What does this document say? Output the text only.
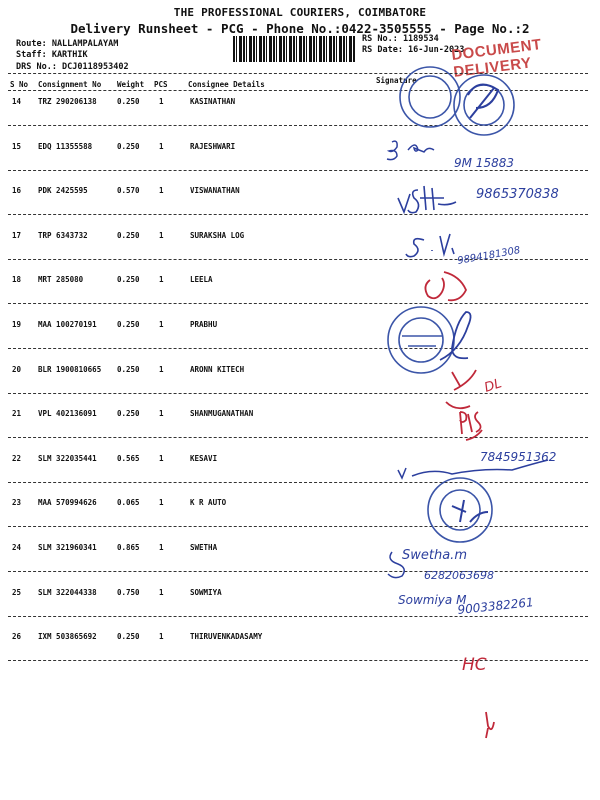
THE PROFESSIONAL COURIERS, COIMBATORE
Delivery Runsheet - PCG - Phone No.:0422-3505555 - Page No.:2
Route: NALLAMPALAYAM
Staff: KARTHIK
DRS No.: DCJ0118953402
RS No.: 1189534
RS Date: 16-Jun-2023
DOCUMENT DELIVERY
S No Consignment No Weight PCS	Consignee Details	Signature
14 TRZ 290206138	0.250	1	KASINATHAN
15 EDQ 11355588	0.250	1	RAJESHWARI
16 PDK 2425595	0.570	1	VISWANATHAN
17 TRP 6343732	0.250	1	SURAKSHA LOG
18 MRT 285080	0.250	1	LEELA
19 MAA 100270191	0.250	1	PRABHU
20 BLR 1900810665 0.250	1	ARONN KITECH
21 VPL 402136091	0.250	1	SHANMUGANATHAN
22 SLM 322035441	0.565	1	KESAVI
23 MAA 570994626	0.065	1	K R AUTO
24 SLM 321960341	0.865	1	SWETHA
25 SLM 322044338	0.750	1	SOWMIYA
26 IXM 503865692	0.250	1	THIRUVENKADASAMY
9M 15883
9865370838
9894181308
DL
7845951362
Swetha.m
6282063698
Sowmiya M
9003382261
HC
